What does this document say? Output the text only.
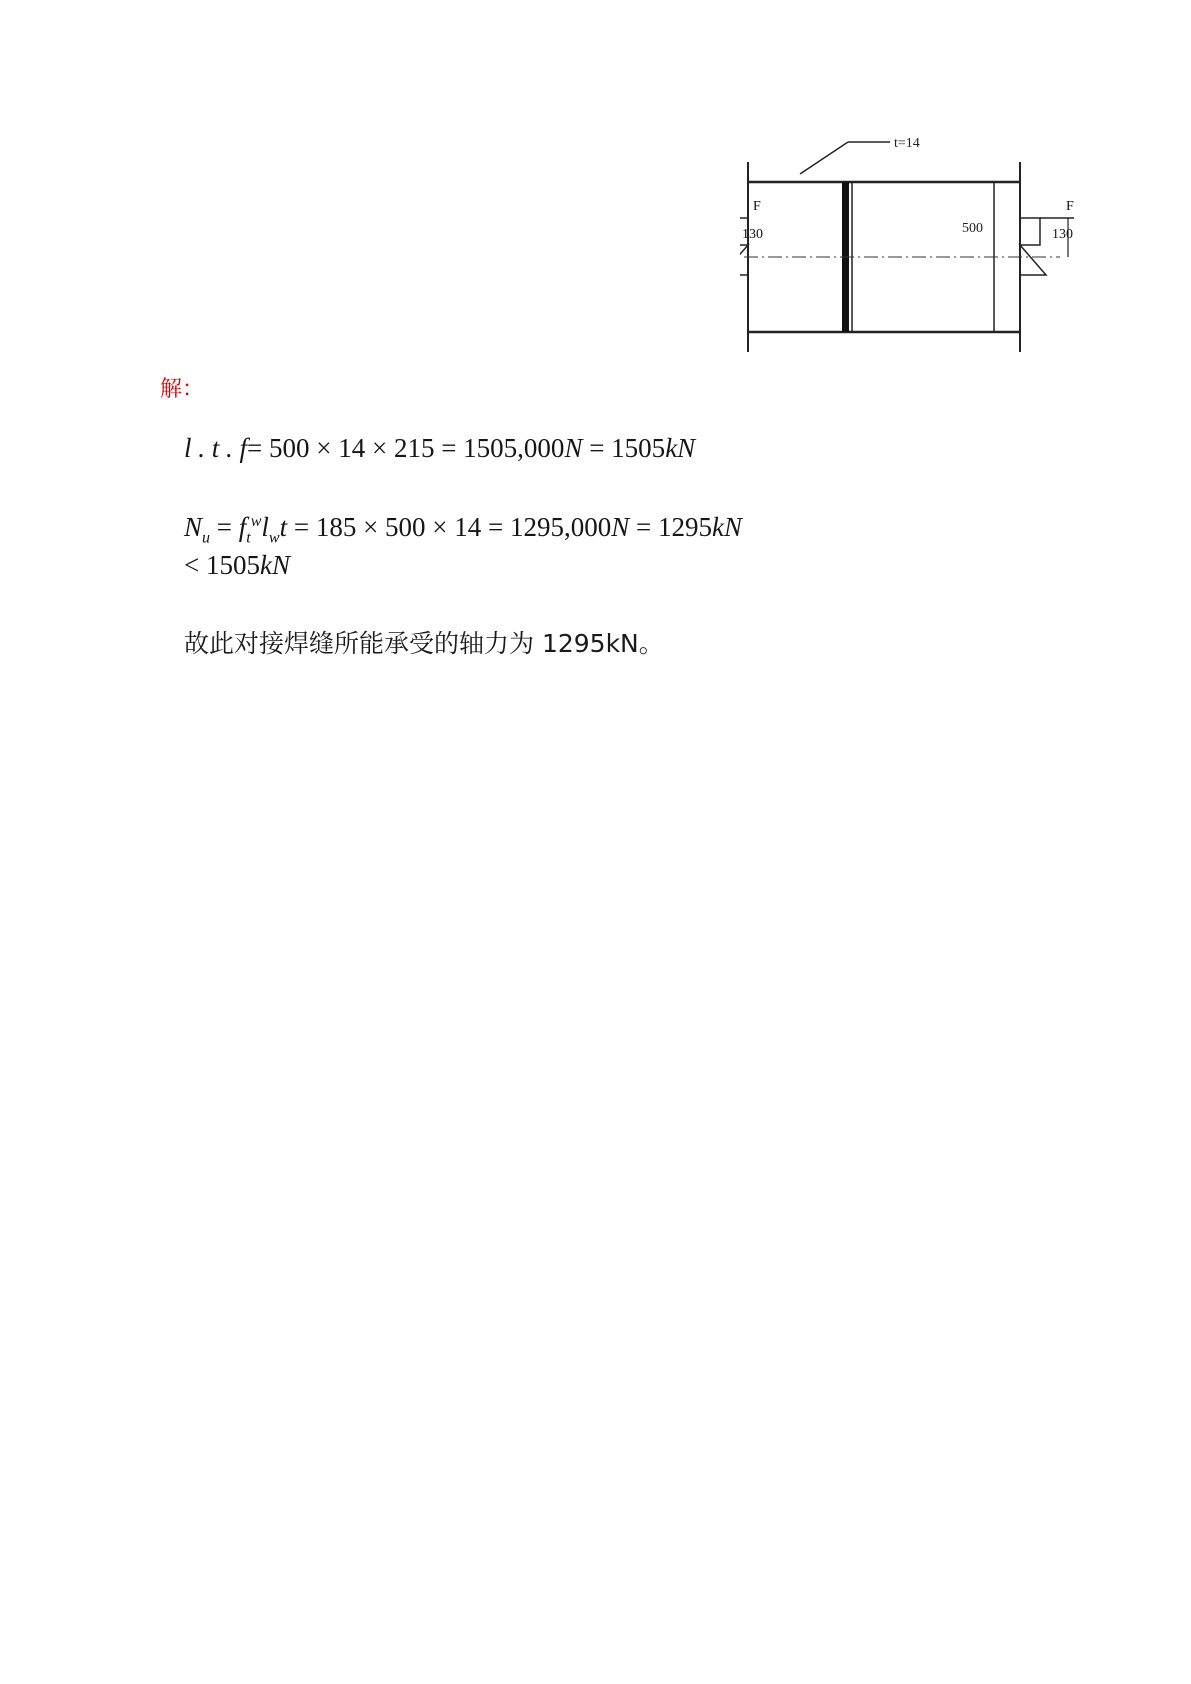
t=14
500
F
130
F
130
解：
l . t . f= 500 × 14 × 215 = 1505,000N = 1505kN
$N_u = f_t^wl_wt = 185 \times 500 \times 14 = 1295,000N = 1295kN$
< 1505kN
故此对接焊缝所能承受的轴力为 1295kN。
